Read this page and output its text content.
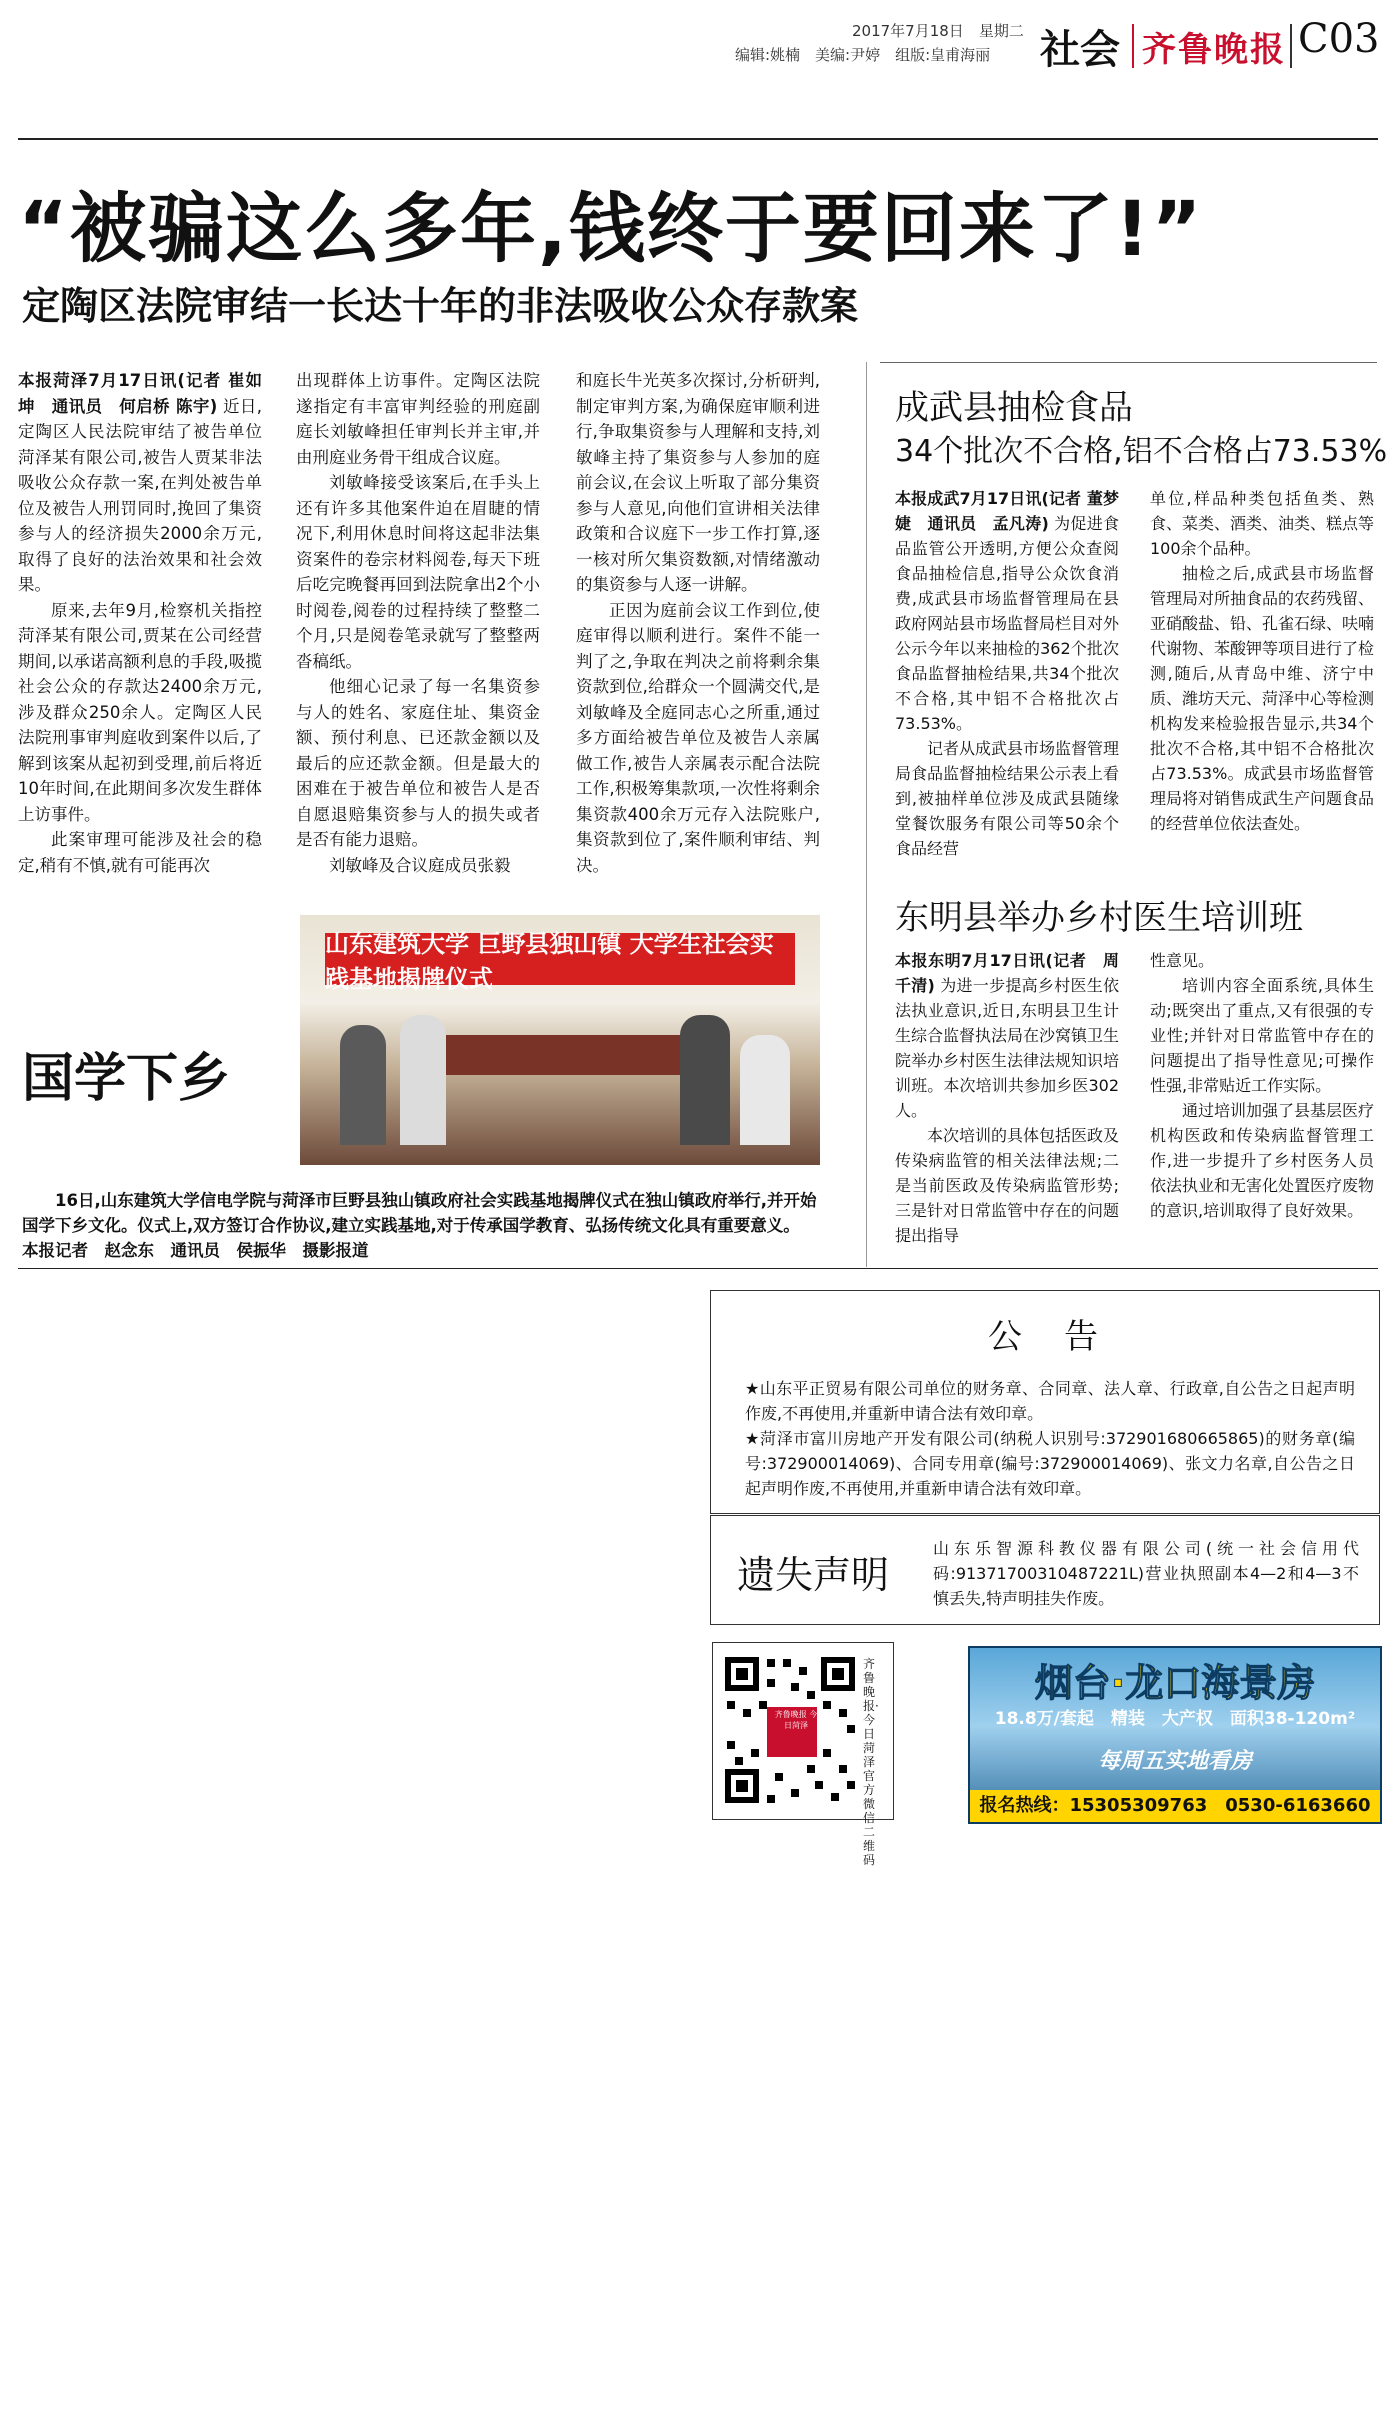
2017年7月18日　 星期二
编辑:姚楠　美编:尹婷　组版:皇甫海丽 社会 齐鲁晚报 C03
“被骗这么多年,钱终于要回来了!”
定陶区法院审结一长达十年的非法吸收公众存款案

本报菏泽7月17日讯(记者 崔如坤　通讯员　何启桥 陈宇) 近日,定陶区人民法院审结了被告单位菏泽某有限公司,被告人贾某非法吸收公众存款一案,在判处被告单位及被告人刑罚同时,挽回了集资参与人的经济损失2000余万元,取得了良好的法治效果和社会效果。

原来,去年9月,检察机关指控菏泽某有限公司,贾某在公司经营期间,以承诺高额利息的手段,吸揽社会公众的存款达2400余万元,涉及群众250余人。定陶区人民法院刑事审判庭收到案件以后,了解到该案从起初到受理,前后将近10年时间,在此期间多次发生群体上访事件。

此案审理可能涉及社会的稳定,稍有不慎,就有可能再次

出现群体上访事件。定陶区法院遂指定有丰富审判经验的刑庭副庭长刘敏峰担任审判长并主审,并由刑庭业务骨干组成合议庭。

刘敏峰接受该案后,在手头上还有许多其他案件迫在眉睫的情况下,利用休息时间将这起非法集资案件的卷宗材料阅卷,每天下班后吃完晚餐再回到法院拿出2个小时阅卷,阅卷的过程持续了整整二个月,只是阅卷笔录就写了整整两沓稿纸。

他细心记录了每一名集资参与人的姓名、家庭住址、集资金额、预付利息、已还款金额以及最后的应还款金额。但是最大的困难在于被告单位和被告人是否自愿退赔集资参与人的损失或者是否有能力退赔。

刘敏峰及合议庭成员张毅

和庭长牛光英多次探讨,分析研判,制定审判方案,为确保庭审顺利进行,争取集资参与人理解和支持,刘敏峰主持了集资参与人参加的庭前会议,在会议上听取了部分集资参与人意见,向他们宣讲相关法律政策和合议庭下一步工作打算,逐一核对所欠集资数额,对情绪激动的集资参与人逐一讲解。

正因为庭前会议工作到位,使庭审得以顺利进行。案件不能一判了之,争取在判决之前将剩余集资款到位,给群众一个圆满交代,是刘敏峰及全庭同志心之所重,通过多方面给被告单位及被告人亲属做工作,被告人亲属表示配合法院工作,积极筹集款项,一次性将剩余集资款400余万元存入法院账户,集资款到位了,案件顺利审结、判决。

成武县抽检食品
34个批次不合格,铝不合格占73.53%

本报成武7月17日讯(记者 董梦婕　通讯员　孟凡涛) 为促进食品监管公开透明,方便公众查阅食品抽检信息,指导公众饮食消费,成武县市场监督管理局在县政府网站县市场监督局栏目对外公示今年以来抽检的362个批次食品监督抽检结果,共34个批次不合格,其中铝不合格批次占73.53%。

记者从成武县市场监督管理局食品监督抽检结果公示表上看到,被抽样单位涉及成武县随缘堂餐饮服务有限公司等50余个食品经营

单位,样品种类包括鱼类、熟食、菜类、酒类、油类、糕点等100余个品种。

抽检之后,成武县市场监督管理局对所抽食品的农药残留、亚硝酸盐、铅、孔雀石绿、呋喃代谢物、苯酸钾等项目进行了检测,随后,从青岛中维、济宁中质、潍坊天元、菏泽中心等检测机构发来检验报告显示,共34个批次不合格,其中铝不合格批次占73.53%。成武县市场监督管理局将对销售成武生产问题食品的经营单位依法查处。

东明县举办乡村医生培训班

本报东明7月17日讯(记者　周千清) 为进一步提高乡村医生依法执业意识,近日,东明县卫生计生综合监督执法局在沙窝镇卫生院举办乡村医生法律法规知识培训班。本次培训共参加乡医302人。

本次培训的具体包括医政及传染病监管的相关法律法规;二是当前医政及传染病监管形势;三是针对日常监管中存在的问题提出指导

性意见。

培训内容全面系统,具体生动;既突出了重点,又有很强的专业性;并针对日常监管中存在的问题提出了指导性意见;可操作性强,非常贴近工作实际。

通过培训加强了县基层医疗机构医政和传染病监督管理工作,进一步提升了乡村医务人员依法执业和无害化处置医疗废物的意识,培训取得了良好效果。

国学下乡
山东建筑大学 巨野县独山镇 大学生社会实践基地揭牌仪式
16日,山东建筑大学信电学院与菏泽市巨野县独山镇政府社会实践基地揭牌仪式在独山镇政府举行,并开始国学下乡文化。仪式上,双方签订合作协议,建立实践基地,对于传承国学教育、弘扬传统文化具有重要意义。　本报记者　赵念东　通讯员　侯振华　摄影报道
公　告

★山东平正贸易有限公司单位的财务章、合同章、法人章、行政章,自公告之日起声明作废,不再使用,并重新申请合法有效印章。

★菏泽市富川房地产开发有限公司(纳税人识别号:372901680665865)的财务章(编号:372900014069)、合同专用章(编号:372900014069)、张文力名章,自公告之日起声明作废,不再使用,并重新申请合法有效印章。

遗失声明
山东乐智源科教仪器有限公司(统一社会信用代码:913717003104872​21L)营业执照副本4—2和4—3不慎丢失,特声明挂失作废。
齐鲁晚报 今日菏泽
齐鲁晚报·今日菏泽官方微信二维码
烟台·龙口海景房
18.8万/套起　精装　大产权　面积38-120m²
每周五实地看房
报名热线：15305309763　0530-6163660
